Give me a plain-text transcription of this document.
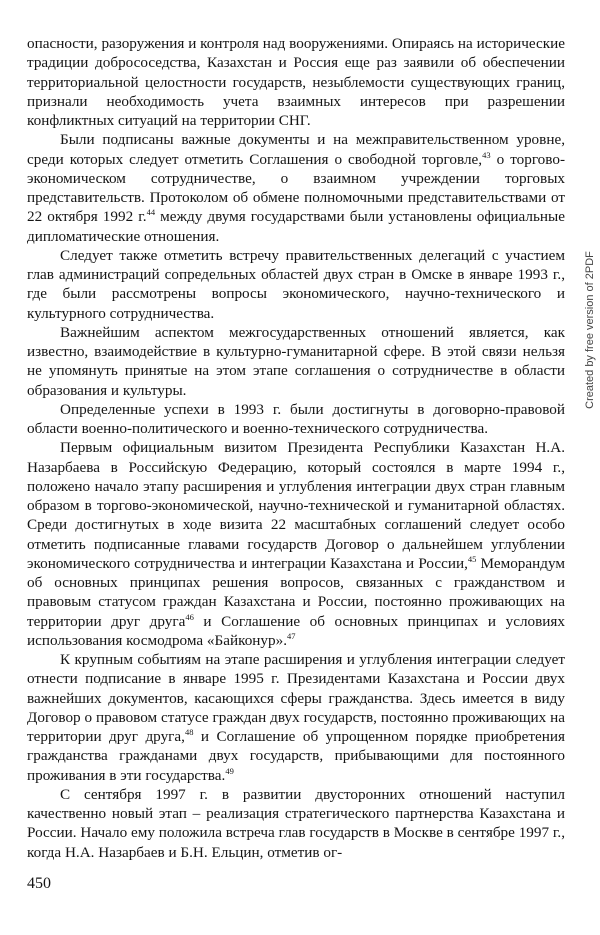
Created by free version of 2PDF

опасности, разоружения и контроля над вооружениями. Опираясь на исторические традиции добрососедства, Казахстан и Россия еще раз заявили об обеспечении территориальной целостности государств, незыблемости существующих границ, признали необходимость учета взаимных интересов при разрешении конфликтных ситуаций на территории СНГ.

Были подписаны важные документы и на межправительственном уровне, среди которых следует отметить Соглашения о свободной торговле,$^{43}$ о торгово-экономическом сотрудничестве, о взаимном учреждении торговых представительств. Протоколом об обмене полномочными представительствами от 22 октября 1992 г.$^{44}$ между двумя государствами были установлены официальные дипломатические отношения.

Следует также отметить встречу правительственных делегаций с участием глав администраций сопредельных областей двух стран в Омске в январе 1993 г., где были рассмотрены вопросы экономического, научно-технического и культурного сотрудничества.

Важнейшим аспектом межгосударственных отношений является, как известно, взаимодействие в культурно-гуманитарной сфере. В этой связи нельзя не упомянуть принятые на этом этапе соглашения о сотрудничестве в области образования и культуры.

Определенные успехи в 1993 г. были достигнуты в договорно-правовой области военно-политического и военно-технического сотрудничества.

Первым официальным визитом Президента Республики Казахстан Н.А. Назарбаева в Российскую Федерацию, который состоялся в марте 1994 г., положено начало этапу расширения и углубления интеграции двух стран главным образом в торгово-экономической, научно-технической и гуманитарной областях. Среди достигнутых в ходе визита 22 масштабных соглашений следует особо отметить подписанные главами государств Договор о дальнейшем углублении экономического сотрудничества и интеграции Казахстана и России,$^{45}$ Меморандум об основных принципах решения вопросов, связанных с гражданством и правовым статусом граждан Казахстана и России, постоянно проживающих на территории друг друга$^{46}$ и Соглашение об основных принципах и условиях использования космодрома «Байконур».$^{47}$

К крупным событиям на этапе расширения и углубления интеграции следует отнести подписание в январе 1995 г. Президентами Казахстана и России двух важнейших документов, касающихся сферы гражданства. Здесь имеется в виду Договор о правовом статусе граждан двух государств, постоянно проживающих на территории друг друга,$^{48}$ и Соглашение об упрощенном порядке приобретения гражданства гражданами двух государств, прибывающими для постоянного проживания в эти государства.$^{49}$

С сентября 1997 г. в развитии двусторонних отношений наступил качественно новый этап – реализация стратегического партнерства Казахстана и России. Начало ему положила встреча глав государств в Москве в сентябре 1997 г., когда Н.А. Назарбаев и Б.Н. Ельцин, отметив ог-

450
